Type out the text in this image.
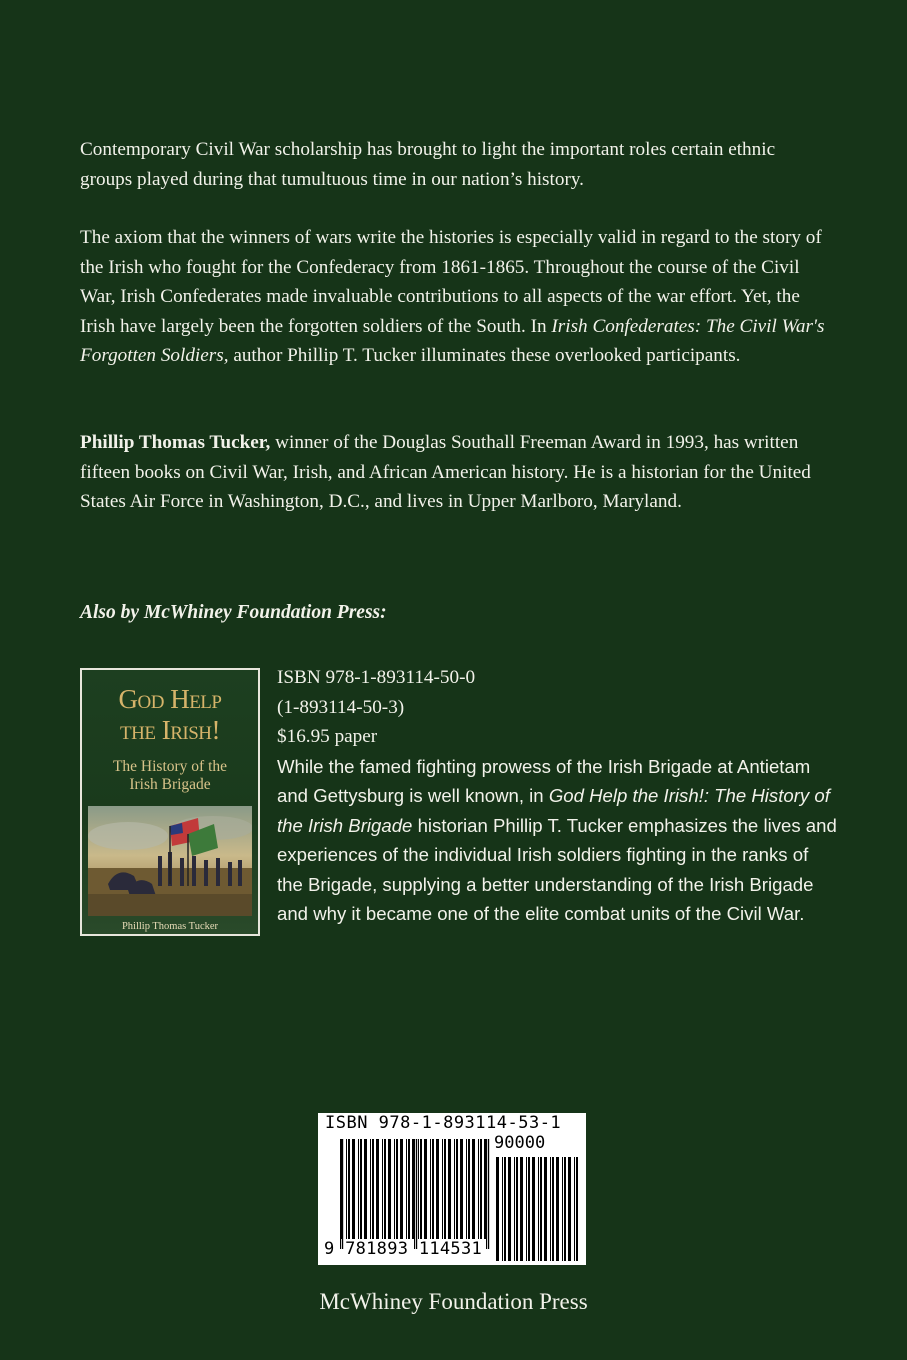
Contemporary Civil War scholarship has brought to light the important roles certain ethnic groups played during that tumultuous time in our nation’s history.

The axiom that the winners of wars write the histories is especially valid in regard to the story of the Irish who fought for the Confederacy from 1861-1865. Throughout the course of the Civil War, Irish Confederates made invaluable contributions to all aspects of the war effort. Yet, the Irish have largely been the forgotten soldiers of the South. In Irish Confederates: The Civil War's Forgotten Soldiers, author Phillip T. Tucker illuminates these overlooked participants.

Phillip Thomas Tucker, winner of the Douglas Southall Freeman Award in 1993, has written fifteen books on Civil War, Irish, and African American history. He is a historian for the United States Air Force in Washington, D.C., and lives in Upper Marlboro, Maryland.

Also by McWhiney Foundation Press:

God Help

the Irish!

The History of the

Irish Brigade

Phillip Thomas Tucker

ISBN 978-1-893114-50-0
(1-893114-50-3)
$16.95 paper
While the famed fighting prowess of the Irish Brigade at Antietam and Gettysburg is well known, in God Help the Irish!: The History of the Irish Brigade historian Phillip T. Tucker emphasizes the lives and experiences of the individual Irish soldiers fighting in the ranks of the Brigade, supplying a better understanding of the Irish Brigade and why it became one of the elite combat units of the Civil War.
ISBN 978-1-893114-53-1
90000
9 781893 114531

McWhiney Foundation Press
